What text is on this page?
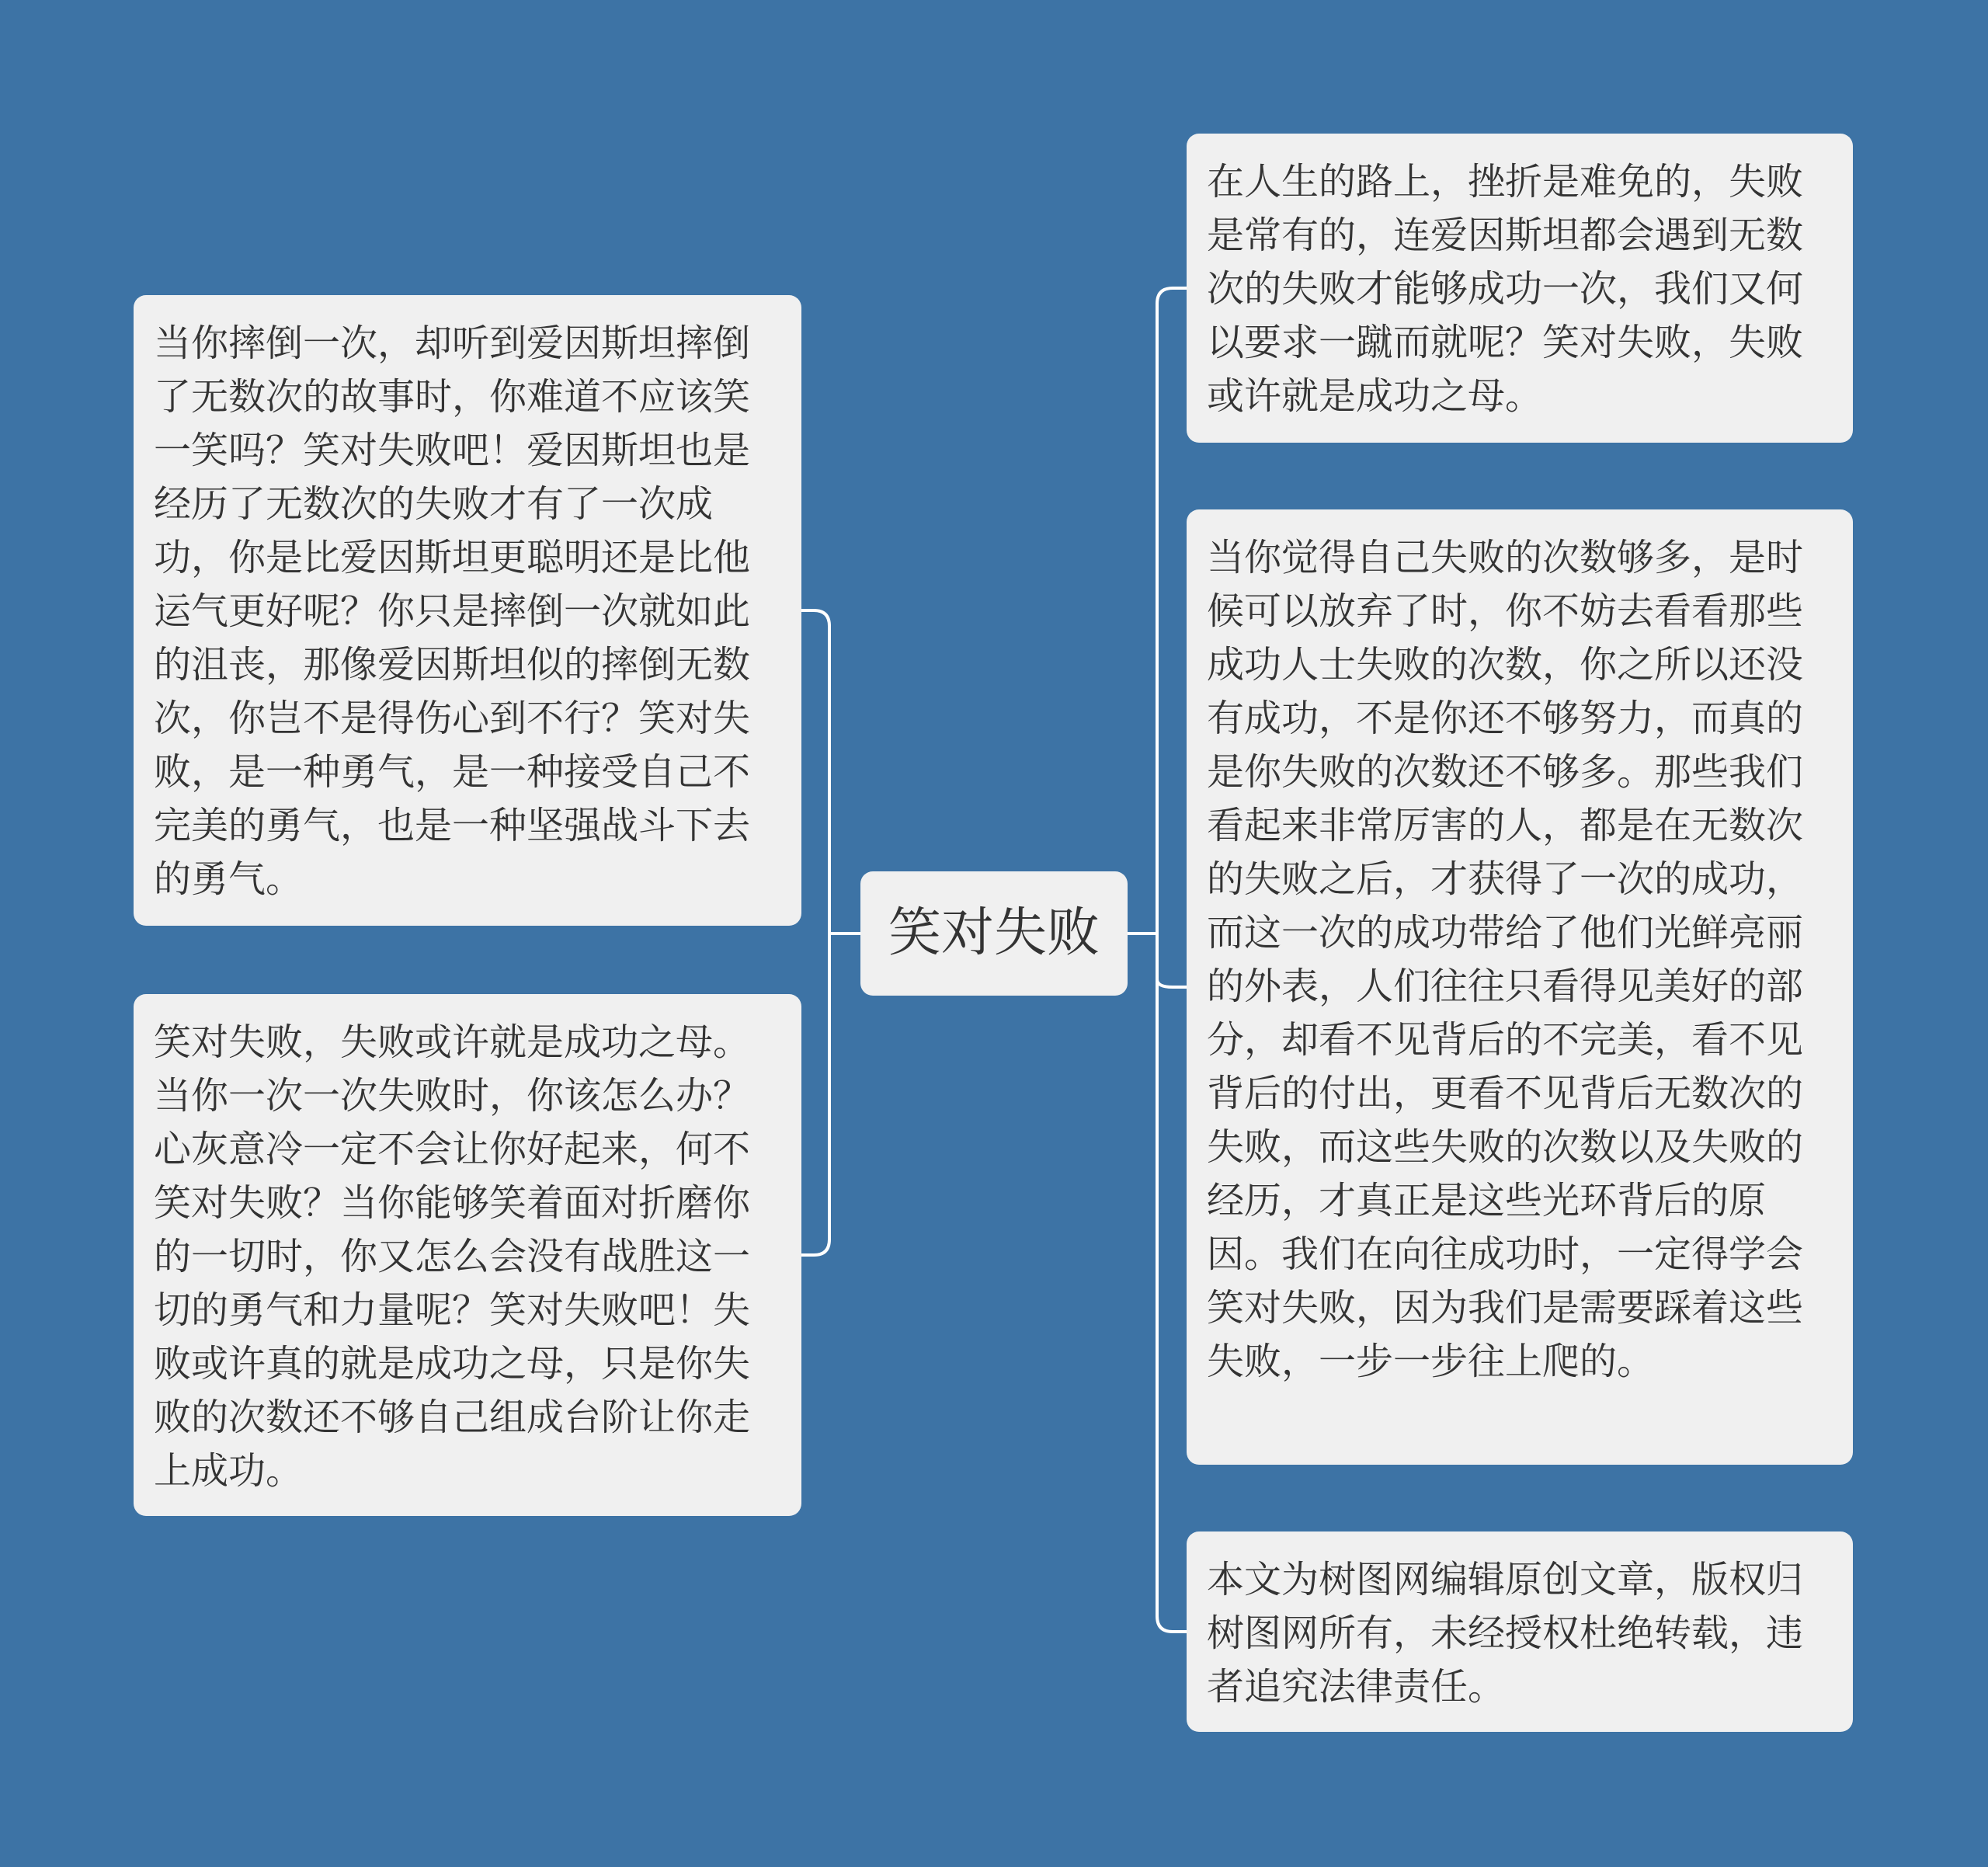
当你摔倒一次，却听到爱因斯坦摔倒了无数次的故事时，你难道不应该笑一笑吗？笑对失败吧！爱因斯坦也是经历了无数次的失败才有了一次成功，你是比爱因斯坦更聪明还是比他运气更好呢？你只是摔倒一次就如此的沮丧，那像爱因斯坦似的摔倒无数次，你岂不是得伤心到不行？笑对失败，是一种勇气，是一种接受自己不完美的勇气，也是一种坚强战斗下去的勇气。
笑对失败，失败或许就是成功之母。当你一次一次失败时，你该怎么办？心灰意冷一定不会让你好起来，何不笑对失败？当你能够笑着面对折磨你的一切时，你又怎么会没有战胜这一切的勇气和力量呢？笑对失败吧！失败或许真的就是成功之母，只是你失败的次数还不够自己组成台阶让你走上成功。
笑对失败
在人生的路上，挫折是难免的，失败是常有的，连爱因斯坦都会遇到无数次的失败才能够成功一次，我们又何以要求一蹴而就呢？笑对失败，失败或许就是成功之母。
当你觉得自己失败的次数够多，是时候可以放弃了时，你不妨去看看那些成功人士失败的次数，你之所以还没有成功，不是你还不够努力，而真的是你失败的次数还不够多。那些我们看起来非常厉害的人，都是在无数次的失败之后，才获得了一次的成功，而这一次的成功带给了他们光鲜亮丽的外表，人们往往只看得见美好的部分，却看不见背后的不完美，看不见背后的付出，更看不见背后无数次的失败，而这些失败的次数以及失败的经历，才真正是这些光环背后的原因。我们在向往成功时，一定得学会笑对失败，因为我们是需要踩着这些失败，一步一步往上爬的。
本文为树图网编辑原创文章，版权归树图网所有，未经授权杜绝转载，违者追究法律责任。
